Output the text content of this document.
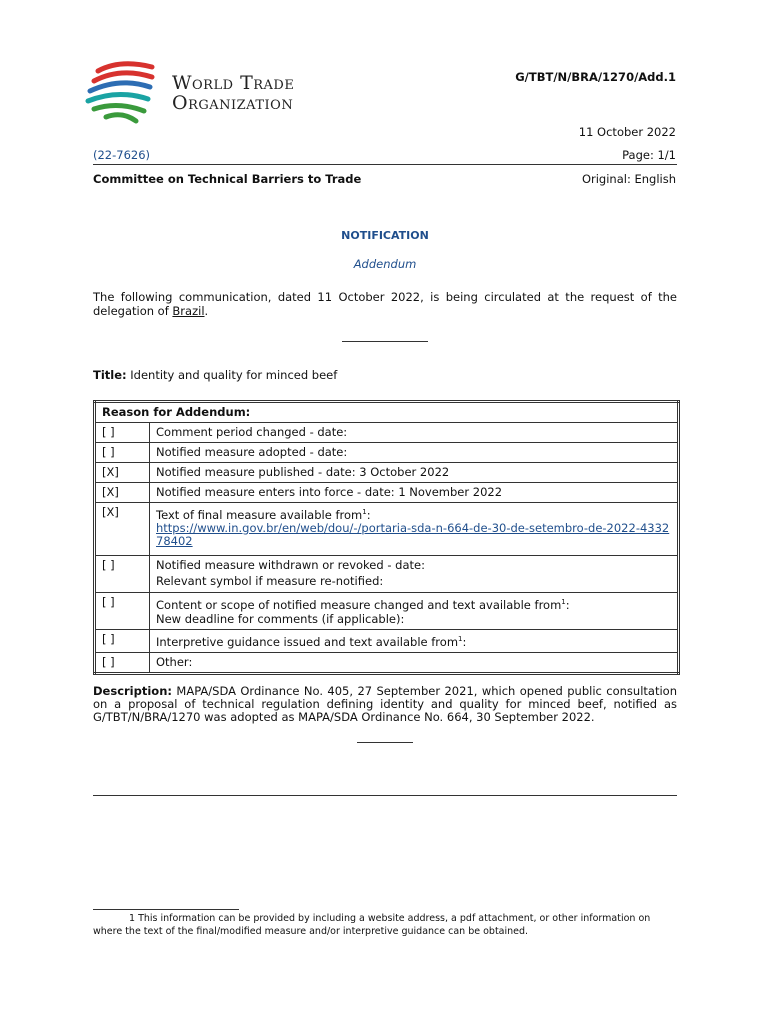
World Trade
Organization
G/TBT/N/BRA/1270/Add.1
11 October 2022
(22-7626)	Page: 1/1
Committee on Technical Barriers to Trade	Original: English
NOTIFICATION
Addendum
The following communication, dated 11 October 2022, is being circulated at the request of the delegation of Brazil.
Title: Identity and quality for minced beef
Reason for Addendum:	
[ ]	Comment period changed - date:
[ ]	Notified measure adopted - date:
[X]	Notified measure published - date: 3 October 2022
[X]	Notified measure enters into force - date: 1 November 2022
[X]	Text of final measure available from$^1$:
https://www.in.gov.br/en/web/dou/-/portaria-sda-n-664-de-30-de-setembro-de-2022-433278402
[ ]	Notified measure withdrawn or revoked - date:
Relevant symbol if measure re-notified:

[ ]	Content or scope of notified measure changed and text available from$^1$:
New deadline for comments (if applicable):

[ ]	Interpretive guidance issued and text available from$^1$:
[ ]	Other:
Description: MAPA/SDA Ordinance No. 405, 27 September 2021, which opened public consultation on a proposal of technical regulation defining identity and quality for minced beef, notified as G/TBT/N/BRA/1270 was adopted as MAPA/SDA Ordinance No. 664, 30 September 2022.
1 This information can be provided by including a website address, a pdf attachment, or other information on where the text of the final/modified measure and/or interpretive guidance can be obtained.
